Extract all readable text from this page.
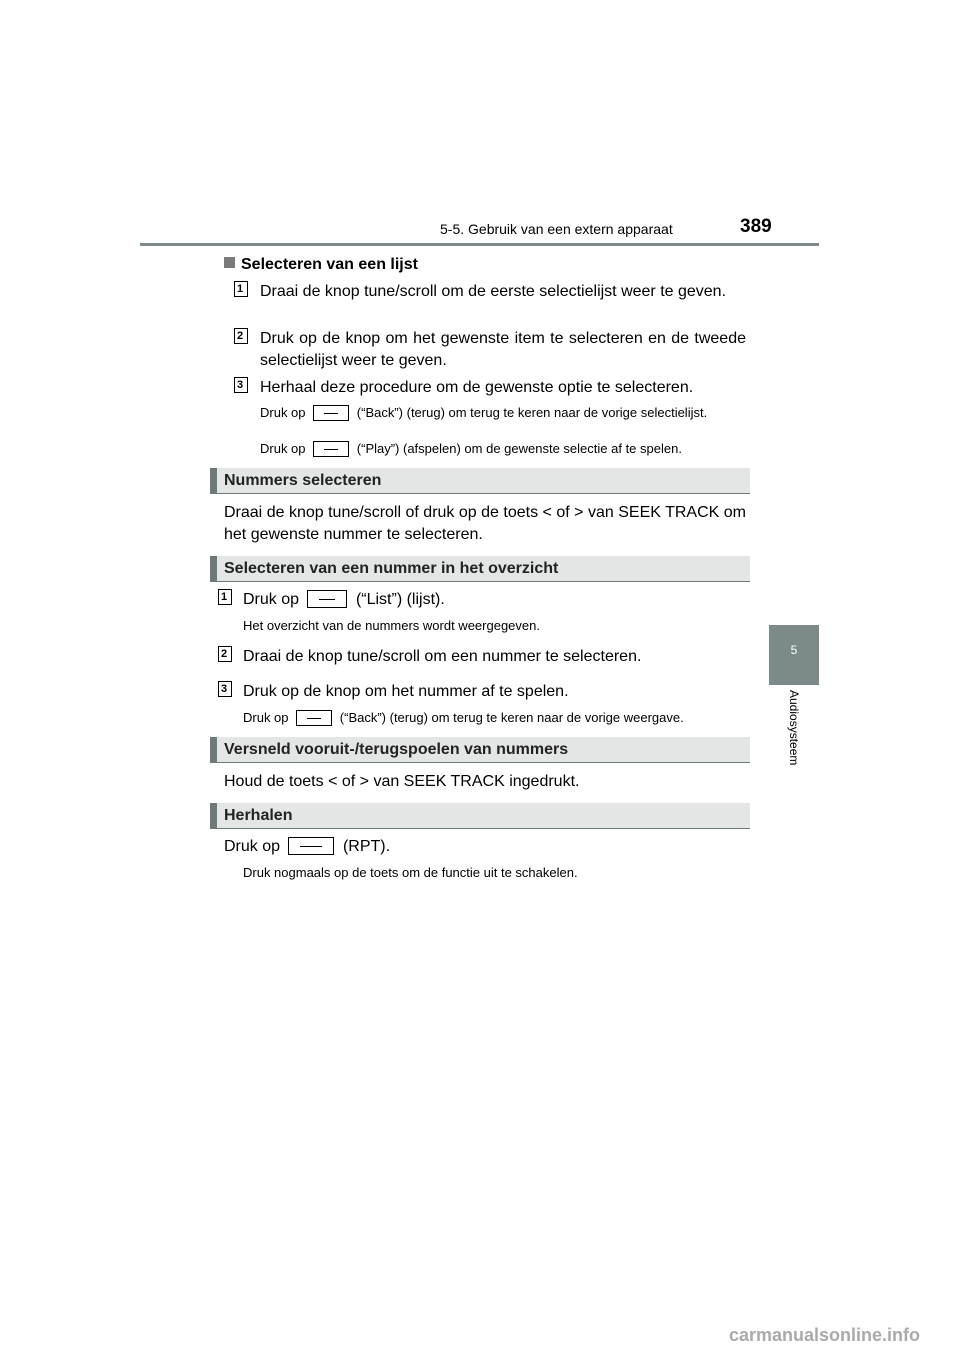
5-5. Gebruik van een extern apparaat	389
5
Audiosysteem
Selecteren van een lijst
1	Draai de knop tune/scroll om de eerste selectielijst weer te geven.
2	Druk op de knop om het gewenste item te selecteren en de tweede selectielijst weer te geven.
3	Herhaal deze procedure om de gewenste optie te selecteren.
Druk op	(“Back”) (terug) om terug te keren naar de vorige selectielijst.
Druk op	(“Play”) (afspelen) om de gewenste selectie af te spelen.
Nummers selecteren
Draai de knop tune/scroll of druk op de toets < of > van SEEK TRACK om het gewenste nummer te selecteren.
Selecteren van een nummer in het overzicht
1 Druk op	(“List”) (lijst).
Het overzicht van de nummers wordt weergegeven.
2 Draai de knop tune/scroll om een nummer te selecteren.
3 Druk op de knop om het nummer af te spelen.
Druk op	(“Back”) (terug) om terug te keren naar de vorige weergave.
Versneld vooruit-/terugspoelen van nummers
Houd de toets < of > van SEEK TRACK ingedrukt.
Herhalen
Druk op	(RPT).
Druk nogmaals op de toets om de functie uit te schakelen.
carmanualsonline.info
